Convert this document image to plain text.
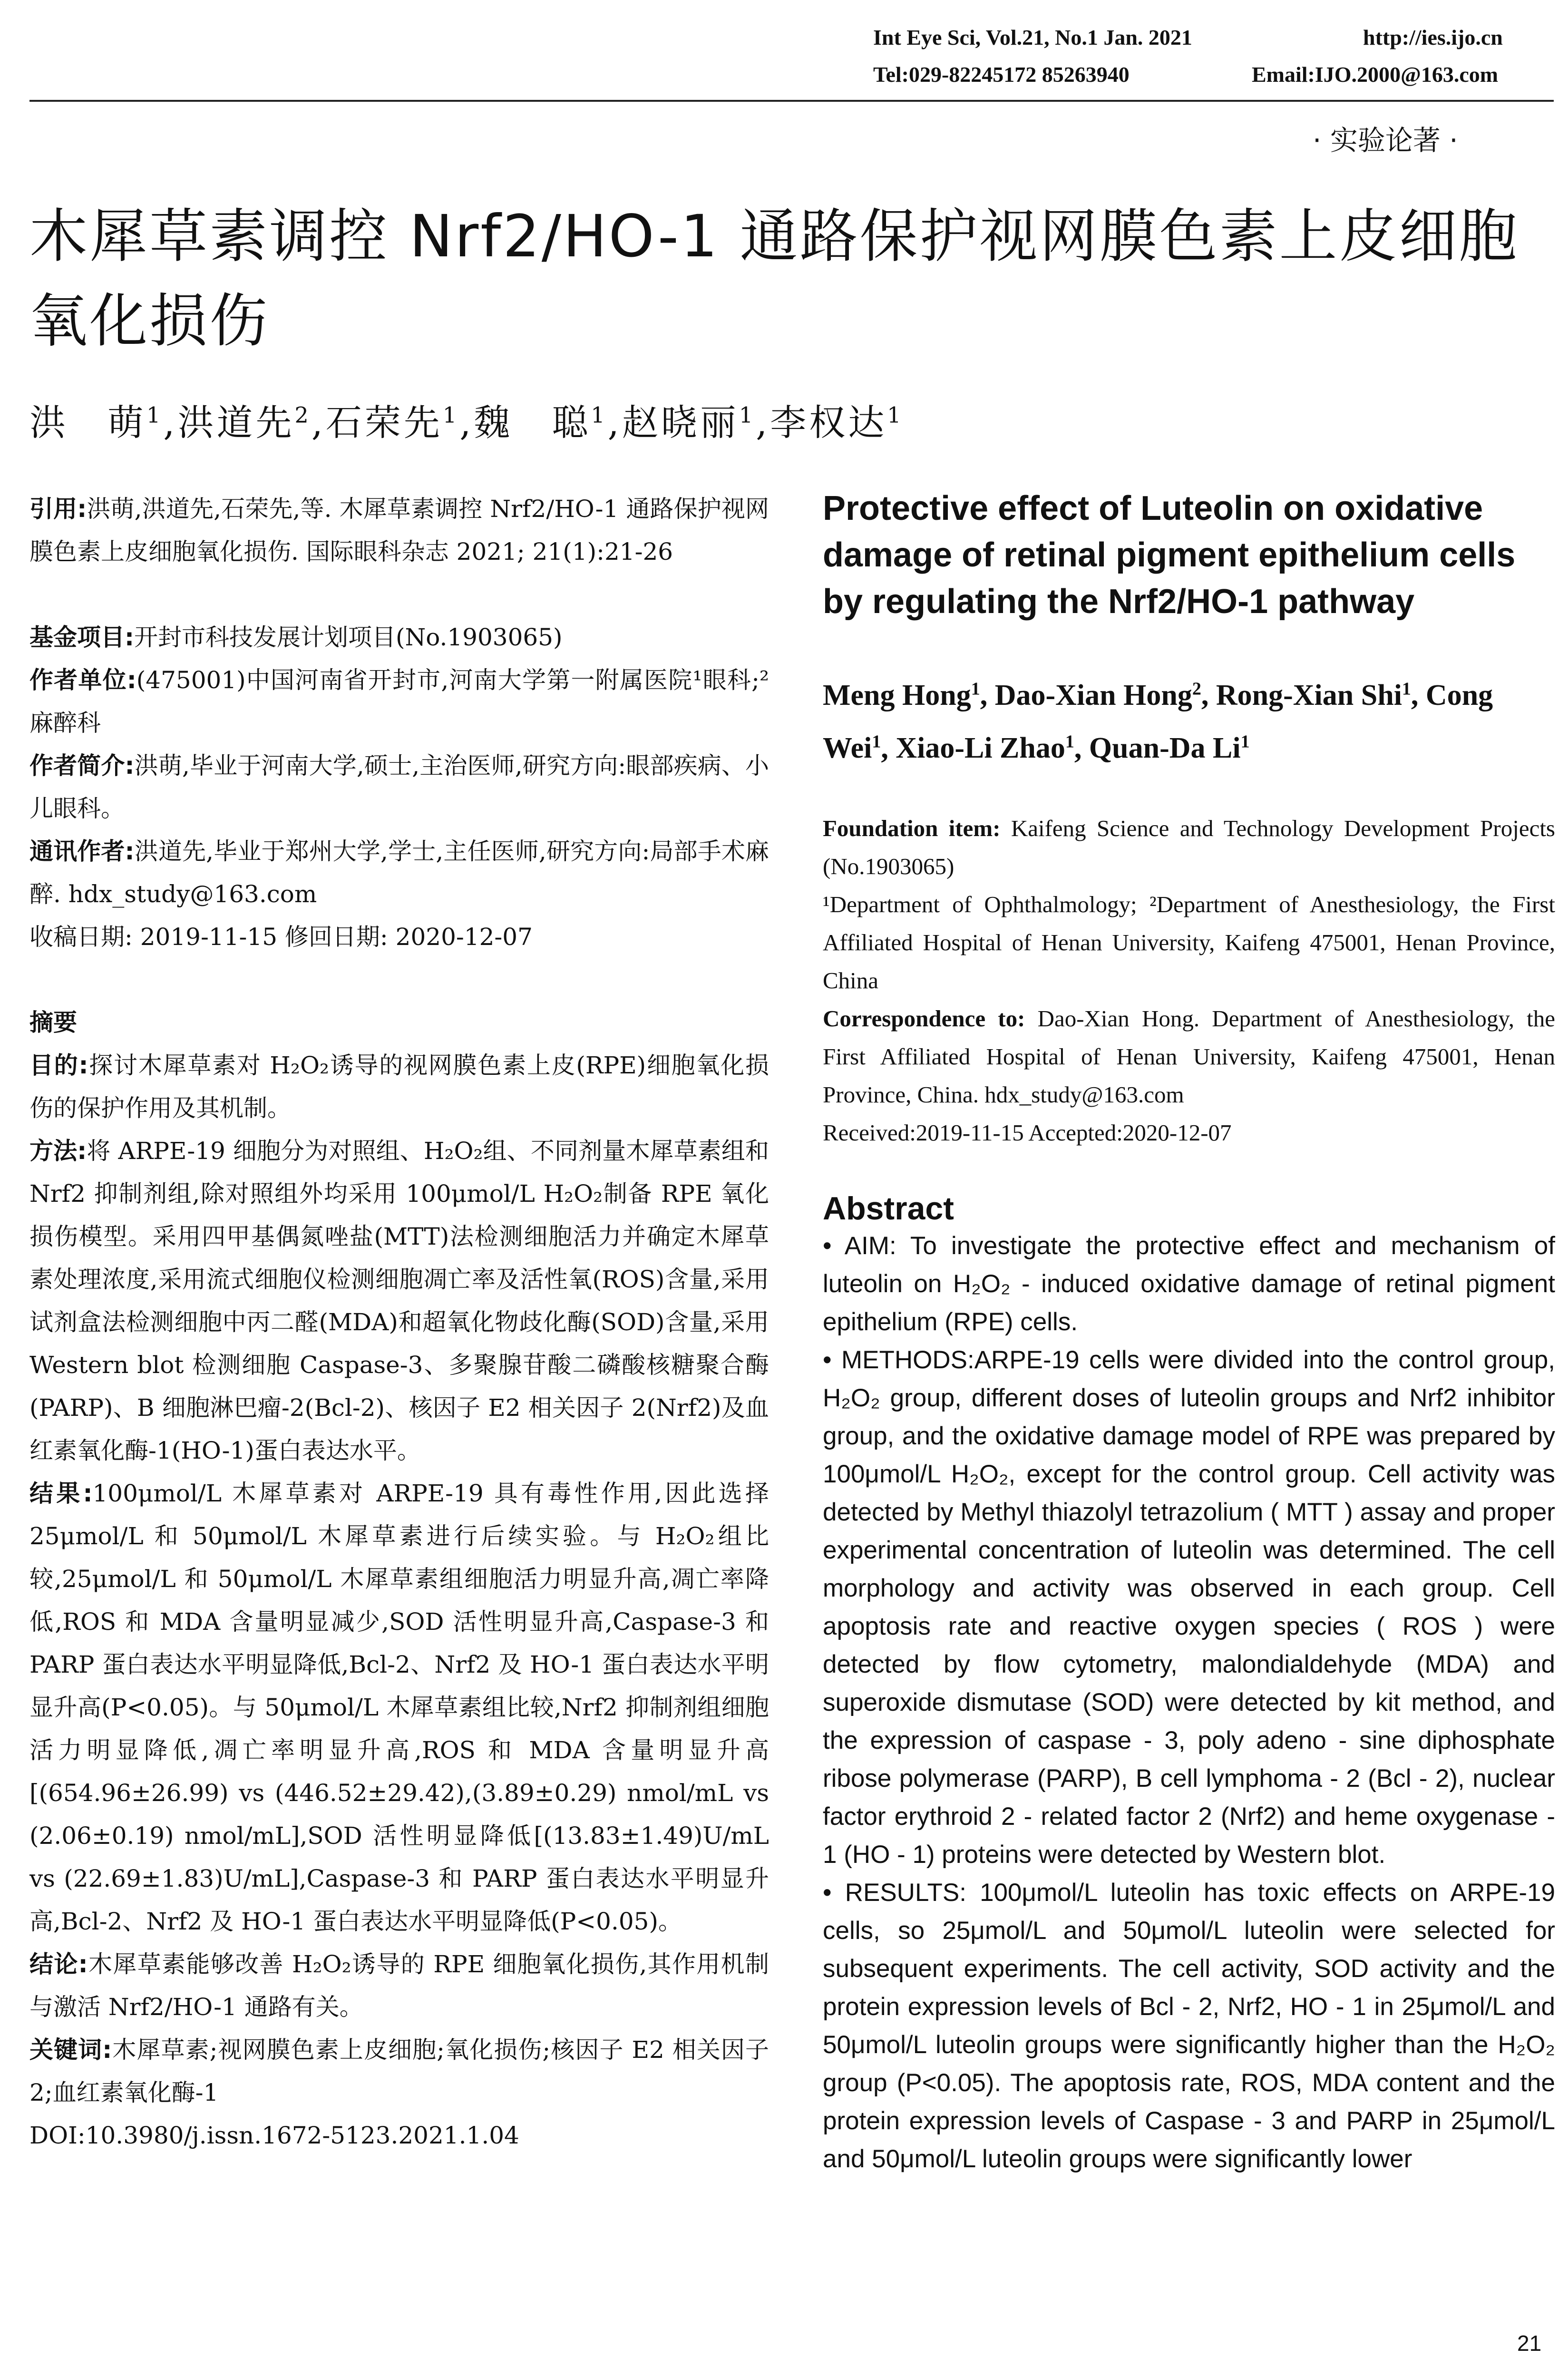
Int Eye Sci, Vol.21, No.1 Jan. 2021	http://ies.ijo.cn
Tel:029-82245172 85263940	Email:IJO.2000@163.com
· 实验论著 ·
木犀草素调控 Nrf2/HO-1 通路保护视网膜色素上皮细胞
氧化损伤
洪　萌$^1$,洪道先$^2$,石荣先$^1$,魏　聪$^1$,赵晓丽$^1$,李权达$^1$

引用:洪萌,洪道先,石荣先,等. 木犀草素调控 Nrf2/HO-1 通路保护视网膜色素上皮细胞氧化损伤. 国际眼科杂志 2021; 21(1):21-26

基金项目:开封市科技发展计划项目(No.1903065)

作者单位:(475001)中国河南省开封市,河南大学第一附属医院¹眼科;²麻醉科

作者简介:洪萌,毕业于河南大学,硕士,主治医师,研究方向:眼部疾病、小儿眼科。

通讯作者:洪道先,毕业于郑州大学,学士,主任医师,研究方向:局部手术麻醉. hdx_study@163.com

收稿日期: 2019-11-15 修回日期: 2020-12-07

摘要

目的:探讨木犀草素对 H₂O₂诱导的视网膜色素上皮(RPE)细胞氧化损伤的保护作用及其机制。

方法:将 ARPE-19 细胞分为对照组、H₂O₂组、不同剂量木犀草素组和 Nrf2 抑制剂组,除对照组外均采用 100μmol/L H₂O₂制备 RPE 氧化损伤模型。采用四甲基偶氮唑盐(MTT)法检测细胞活力并确定木犀草素处理浓度,采用流式细胞仪检测细胞凋亡率及活性氧(ROS)含量,采用试剂盒法检测细胞中丙二醛(MDA)和超氧化物歧化酶(SOD)含量,采用 Western blot 检测细胞 Caspase-3、多聚腺苷酸二磷酸核糖聚合酶(PARP)、B 细胞淋巴瘤-2(Bcl-2)、核因子 E2 相关因子 2(Nrf2)及血红素氧化酶-1(HO-1)蛋白表达水平。

结果:100μmol/L 木犀草素对 ARPE-19 具有毒性作用,因此选择 25μmol/L 和 50μmol/L 木犀草素进行后续实验。与 H₂O₂组比较,25μmol/L 和 50μmol/L 木犀草素组细胞活力明显升高,凋亡率降低,ROS 和 MDA 含量明显减少,SOD 活性明显升高,Caspase-3 和 PARP 蛋白表达水平明显降低,Bcl-2、Nrf2 及 HO-1 蛋白表达水平明显升高(P<0.05)。与 50μmol/L 木犀草素组比较,Nrf2 抑制剂组细胞活力明显降低,凋亡率明显升高,ROS 和 MDA 含量明显升高[(654.96±26.99) vs (446.52±29.42),(3.89±0.29) nmol/mL vs (2.06±0.19) nmol/mL],SOD 活性明显降低[(13.83±1.49)U/mL vs (22.69±1.83)U/mL],Caspase-3 和 PARP 蛋白表达水平明显升高,Bcl-2、Nrf2 及 HO-1 蛋白表达水平明显降低(P<0.05)。

结论:木犀草素能够改善 H₂O₂诱导的 RPE 细胞氧化损伤,其作用机制与激活 Nrf2/HO-1 通路有关。

关键词:木犀草素;视网膜色素上皮细胞;氧化损伤;核因子 E2 相关因子 2;血红素氧化酶-1

DOI:10.3980/j.issn.1672-5123.2021.1.04

Protective effect of Luteolin on oxidative damage of retinal pigment epithelium cells by regulating the Nrf2/HO-1 pathway

Meng Hong$^1$, Dao-Xian Hong$^2$, Rong-Xian Shi$^1$, Cong Wei$^1$, Xiao-Li Zhao$^1$, Quan-Da Li$^1$

Foundation item: Kaifeng Science and Technology Development Projects (No.1903065)

¹Department of Ophthalmology; ²Department of Anesthesiology, the First Affiliated Hospital of Henan University, Kaifeng 475001, Henan Province, China

Correspondence to: Dao-Xian Hong. Department of Anesthesiology, the First Affiliated Hospital of Henan University, Kaifeng 475001, Henan Province, China. hdx_study@163.com

Received:2019-11-15 Accepted:2020-12-07

Abstract

• AIM: To investigate the protective effect and mechanism of luteolin on H₂O₂ - induced oxidative damage of retinal pigment epithelium (RPE) cells.

• METHODS:ARPE-19 cells were divided into the control group, H₂O₂ group, different doses of luteolin groups and Nrf2 inhibitor group, and the oxidative damage model of RPE was prepared by 100μmol/L H₂O₂, except for the control group. Cell activity was detected by Methyl thiazolyl tetrazolium ( MTT ) assay and proper experimental concentration of luteolin was determined. The cell morphology and activity was observed in each group. Cell apoptosis rate and reactive oxygen species ( ROS ) were detected by flow cytometry, malondialdehyde (MDA) and superoxide dismutase (SOD) were detected by kit method, and the expression of caspase - 3, poly adeno - sine diphosphate ribose polymerase (PARP), B cell lymphoma - 2 (Bcl - 2), nuclear factor erythroid 2 - related factor 2 (Nrf2) and heme oxygenase - 1 (HO - 1) proteins were detected by Western blot.

• RESULTS: 100μmol/L luteolin has toxic effects on ARPE-19 cells, so 25μmol/L and 50μmol/L luteolin were selected for subsequent experiments. The cell activity, SOD activity and the protein expression levels of Bcl - 2, Nrf2, HO - 1 in 25μmol/L and 50μmol/L luteolin groups were significantly higher than the H₂O₂ group (P<0.05). The apoptosis rate, ROS, MDA content and the protein expression levels of Caspase - 3 and PARP in 25μmol/L and 50μmol/L luteolin groups were significantly lower

21
